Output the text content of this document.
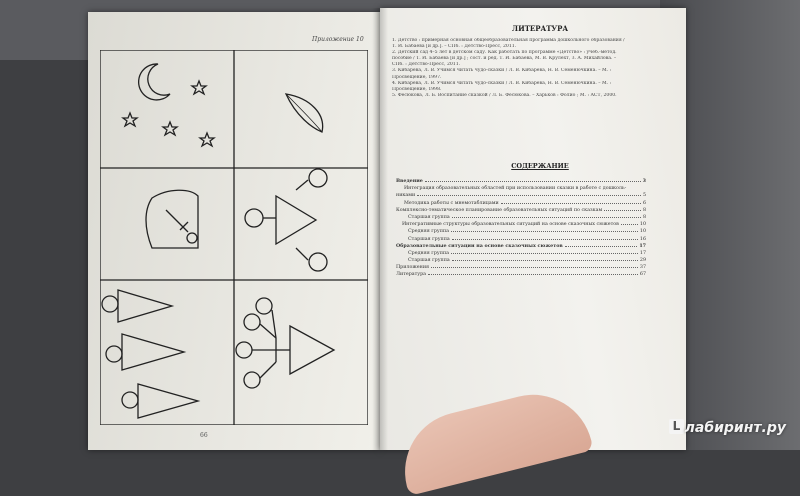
Приложение 10
66
ЛИТЕРАТУРА
1. Детство : примерная основная общеобразовательная программа дошкольного образования /
Т. И. Бабаева [и др.]. – СПб. : Детство-Пресс, 2011.
2. Детский сад 4–5 лет в детском саду. Как работать по программе «Детство» : учеб.-метод.
пособие / Т. И. Бабаева [и др.] ; сост. и ред. Т. И. Бабаева, М. В. Крулехт, З. А. Михайлова. –
СПб. : Детство-Пресс, 2011.
3. Кибарева, Л. В. Учимся читать чудо-сказки / Л. В. Кибарева, Н. В. Семенючкина. – М. :
Просвещение, 1997.
4. Кибарева, Л. В. Учимся читать чудо-сказки / Л. В. Кибарева, Н. В. Семенючкина. – М. :
Просвещение, 1998.
5. Фесюкова, Л. Б. Воспитание сказкой / Л. Б. Фесюкова. – Харьков : Фолио ; М. : АСТ, 2000.
СОДЕРЖАНИЕ
Введение	3
Интеграция образовательных областей при использовании сказки в работе с дошколь-
никами	5
Методика работы с мнемотаблицами	6
Комплексно-тематическое планирование образовательных ситуаций по сказкам	8
Старшая группа	8
Интегративные структуры образовательных ситуаций на основе сказочных сюжетов	10
Средняя группа	10
Старшая группа	16
Образовательные ситуации на основе сказочных сюжетов	17
Средняя группа	17
Старшая группа	29
Приложения	37
Литература	67
L лабиринт.ру
